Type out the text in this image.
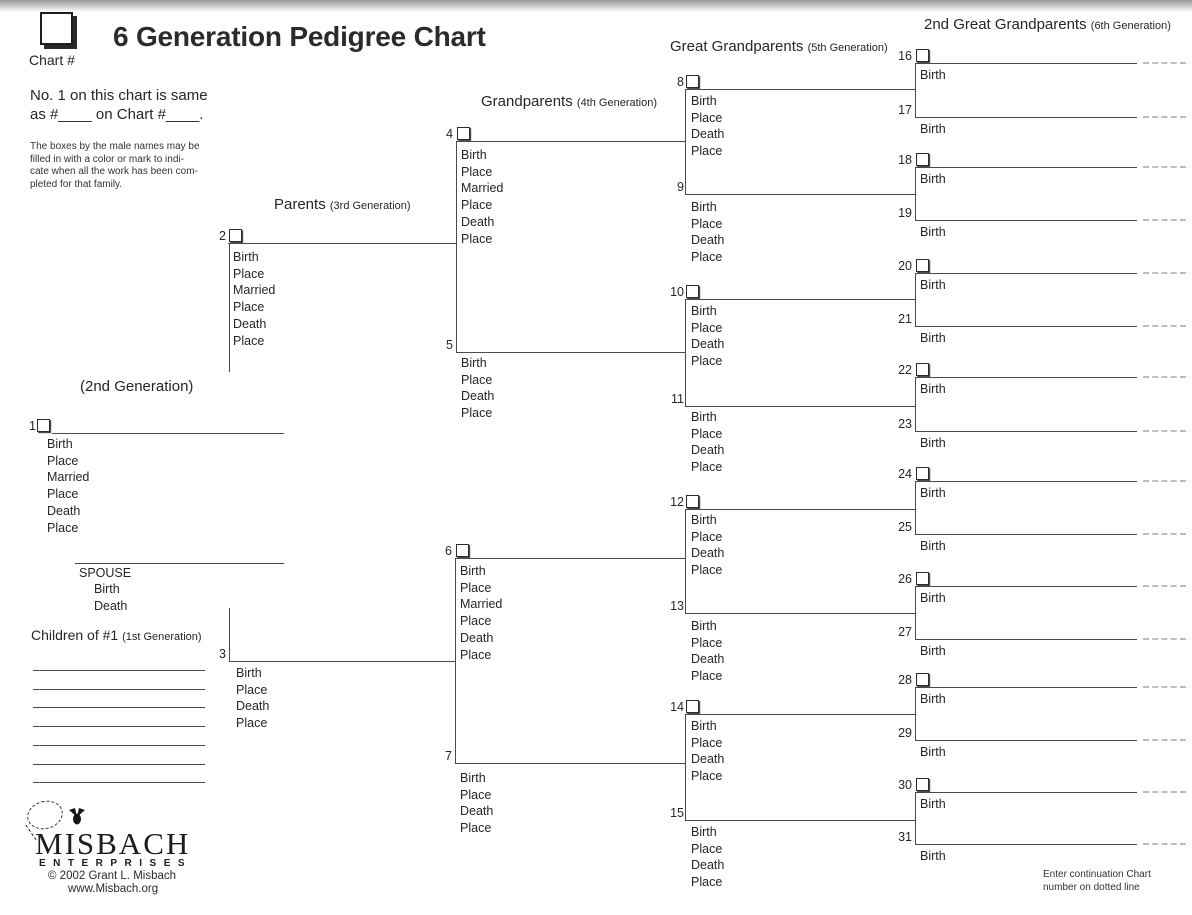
Chart #
6 Generation Pedigree Chart
No. 1 on this chart is same
as #____ on Chart #____.
The boxes by the male names may be
filled in with a color or mark to indi-
cate when all the work has been com-
pleted for that family.
Parents (3rd Generation)
Grandparents (4th Generation)
Great Grandparents (5th Generation)
2nd Great Grandparents (6th Generation)
(2nd Generation)
Children of #1 (1st Generation)
SPOUSE
Birth
Death
1
Birth
Place
Married
Place
Death
Place
2
Birth
Place
Married
Place
Death
Place
3
Birth
Place
Death
Place
4
Birth
Place
Married
Place
Death
Place
5
Birth
Place
Death
Place
6
Birth
Place
Married
Place
Death
Place
7
Birth
Place
Death
Place
8
Birth
Place
Death
Place
9
Birth
Place
Death
Place
10
Birth
Place
Death
Place
11
Birth
Place
Death
Place
12
Birth
Place
Death
Place
13
Birth
Place
Death
Place
14
Birth
Place
Death
Place
15
Birth
Place
Death
Place
16
Birth
17
Birth
18
Birth
19
Birth
20
Birth
21
Birth
22
Birth
23
Birth
24
Birth
25
Birth
26
Birth
27
Birth
28
Birth
29
Birth
30
Birth
31
Birth
MISBACH
ENTERPRISES
© 2002 Grant L. Misbach
www.Misbach.org
Enter continuation Chart
number on dotted line
